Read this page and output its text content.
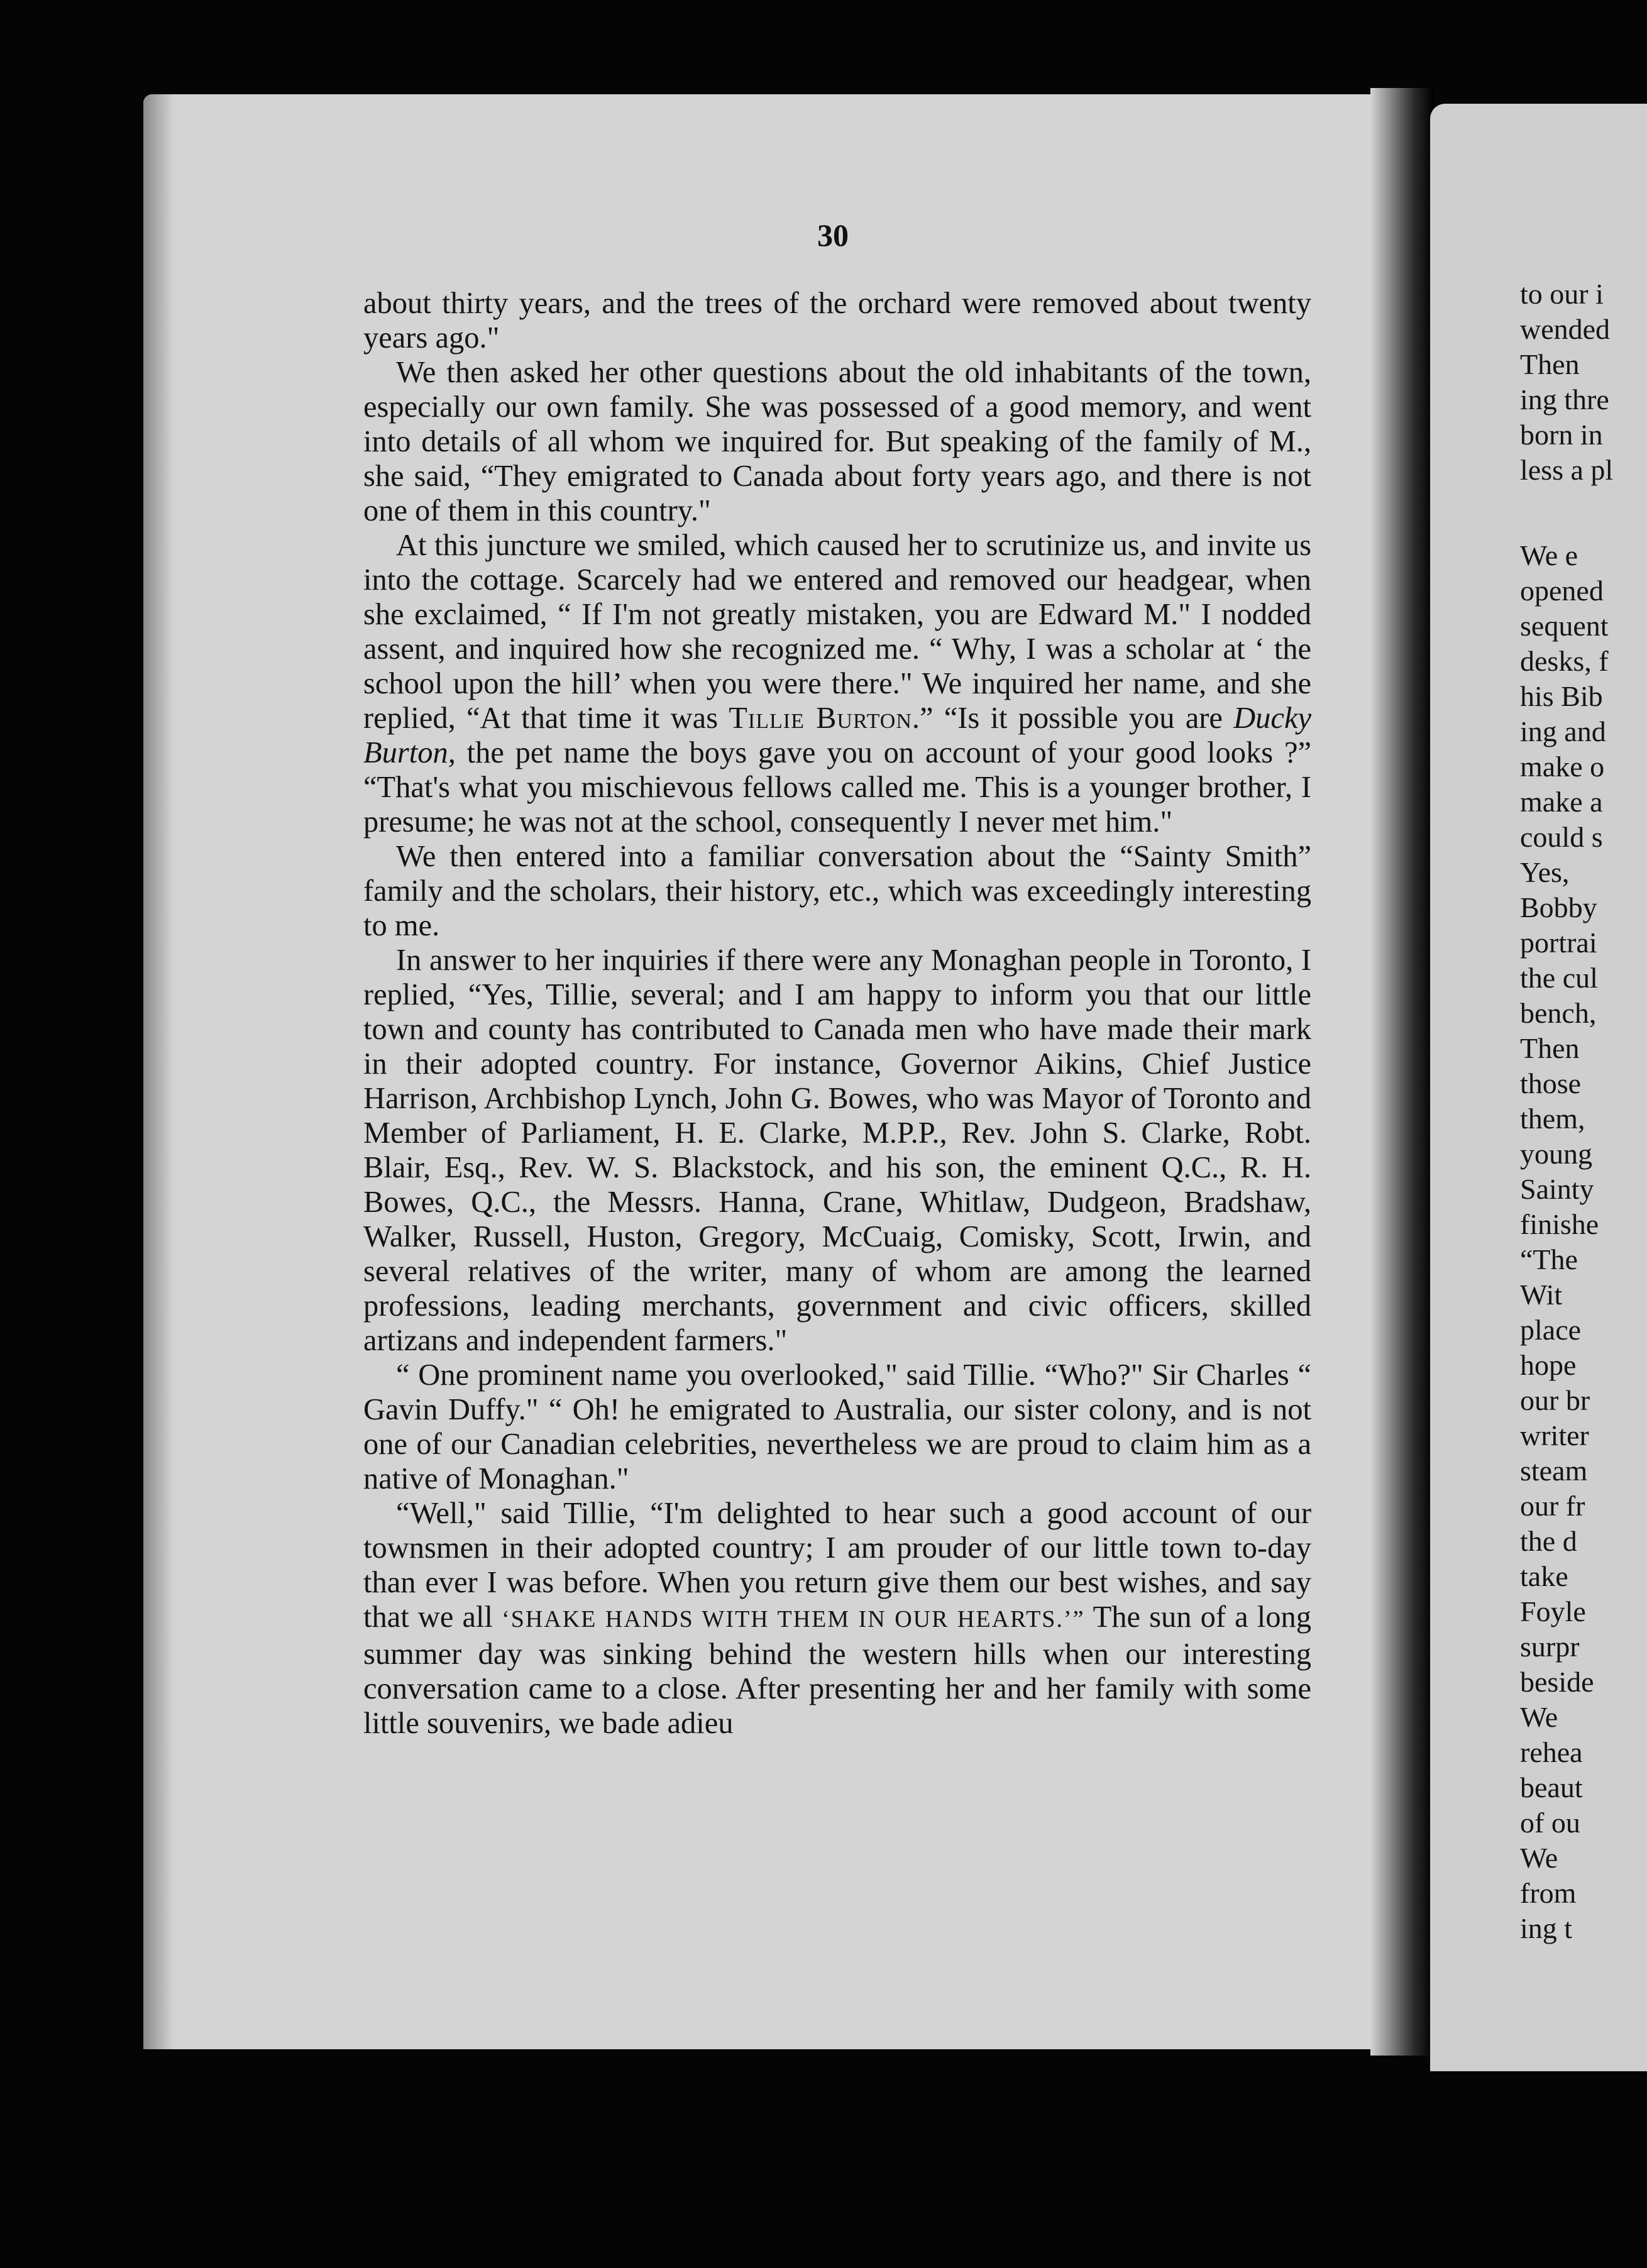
30

about thirty years, and the trees of the orchard were removed about twenty years ago."

We then asked her other questions about the old inhabitants of the town, especially our own family. She was possessed of a good memory, and went into details of all whom we inquired for. But speaking of the family of M., she said, “They emigrated to Canada about forty years ago, and there is not one of them in this country."

At this juncture we smiled, which caused her to scrutinize us, and invite us into the cottage. Scarcely had we entered and removed our headgear, when she exclaimed, “ If I'm not greatly mistaken, you are Edward M." I nodded assent, and inquired how she recognized me. “ Why, I was a scholar at ‘ the school upon the hill’ when you were there." We inquired her name, and she replied, “At that time it was Tillie Burton.” “Is it possible you are Ducky Burton, the pet name the boys gave you on account of your good looks ?” “That's what you mischievous fellows called me. This is a younger brother, I presume; he was not at the school, consequently I never met him."

We then entered into a familiar conversation about the “Sainty Smith” family and the scholars, their history, etc., which was exceedingly interesting to me.

In answer to her inquiries if there were any Monaghan people in Toronto, I replied, “Yes, Tillie, several; and I am happy to inform you that our little town and county has contributed to Canada men who have made their mark in their adopted country. For instance, Governor Aikins, Chief Justice Harrison, Archbishop Lynch, John G. Bowes, who was Mayor of Toronto and Member of Parliament, H. E. Clarke, M.P.P., Rev. John S. Clarke, Robt. Blair, Esq., Rev. W. S. Blackstock, and his son, the eminent Q.C., R. H. Bowes, Q.C., the Messrs. Hanna, Crane, Whitlaw, Dudgeon, Bradshaw, Walker, Russell, Huston, Gregory, McCuaig, Comisky, Scott, Irwin, and several relatives of the writer, many of whom are among the learned professions, leading merchants, government and civic officers, skilled artizans and independent farmers."

“ One prominent name you overlooked," said Tillie. “Who?" Sir Charles “ Gavin Duffy." “ Oh! he emigrated to Australia, our sister colony, and is not one of our Canadian celebrities, nevertheless we are proud to claim him as a native of Monaghan."

“Well," said Tillie, “I'm delighted to hear such a good account of our townsmen in their adopted country; I am prouder of our little town to-day than ever I was before. When you return give them our best wishes, and say that we all ‘SHAKE HANDS WITH THEM IN OUR HEARTS.’” The sun of a long summer day was sinking behind the western hills when our interesting conversation came to a close. After presenting her and her family with some little souvenirs, we bade adieu

to our i
wended
Then
ing thre
born in
less a pl
We e
opened
sequent
desks, f
his Bib
ing and
make o
make a
could s
Yes,
Bobby
portrai
the cul
bench,
Then
those
them,
young
Sainty
finishe
“The
Wit
place
hope
our br
writer
steam
our fr
the d
take
Foyle
surpr
beside
We
rehea
beaut
of ou
We
from
ing t
